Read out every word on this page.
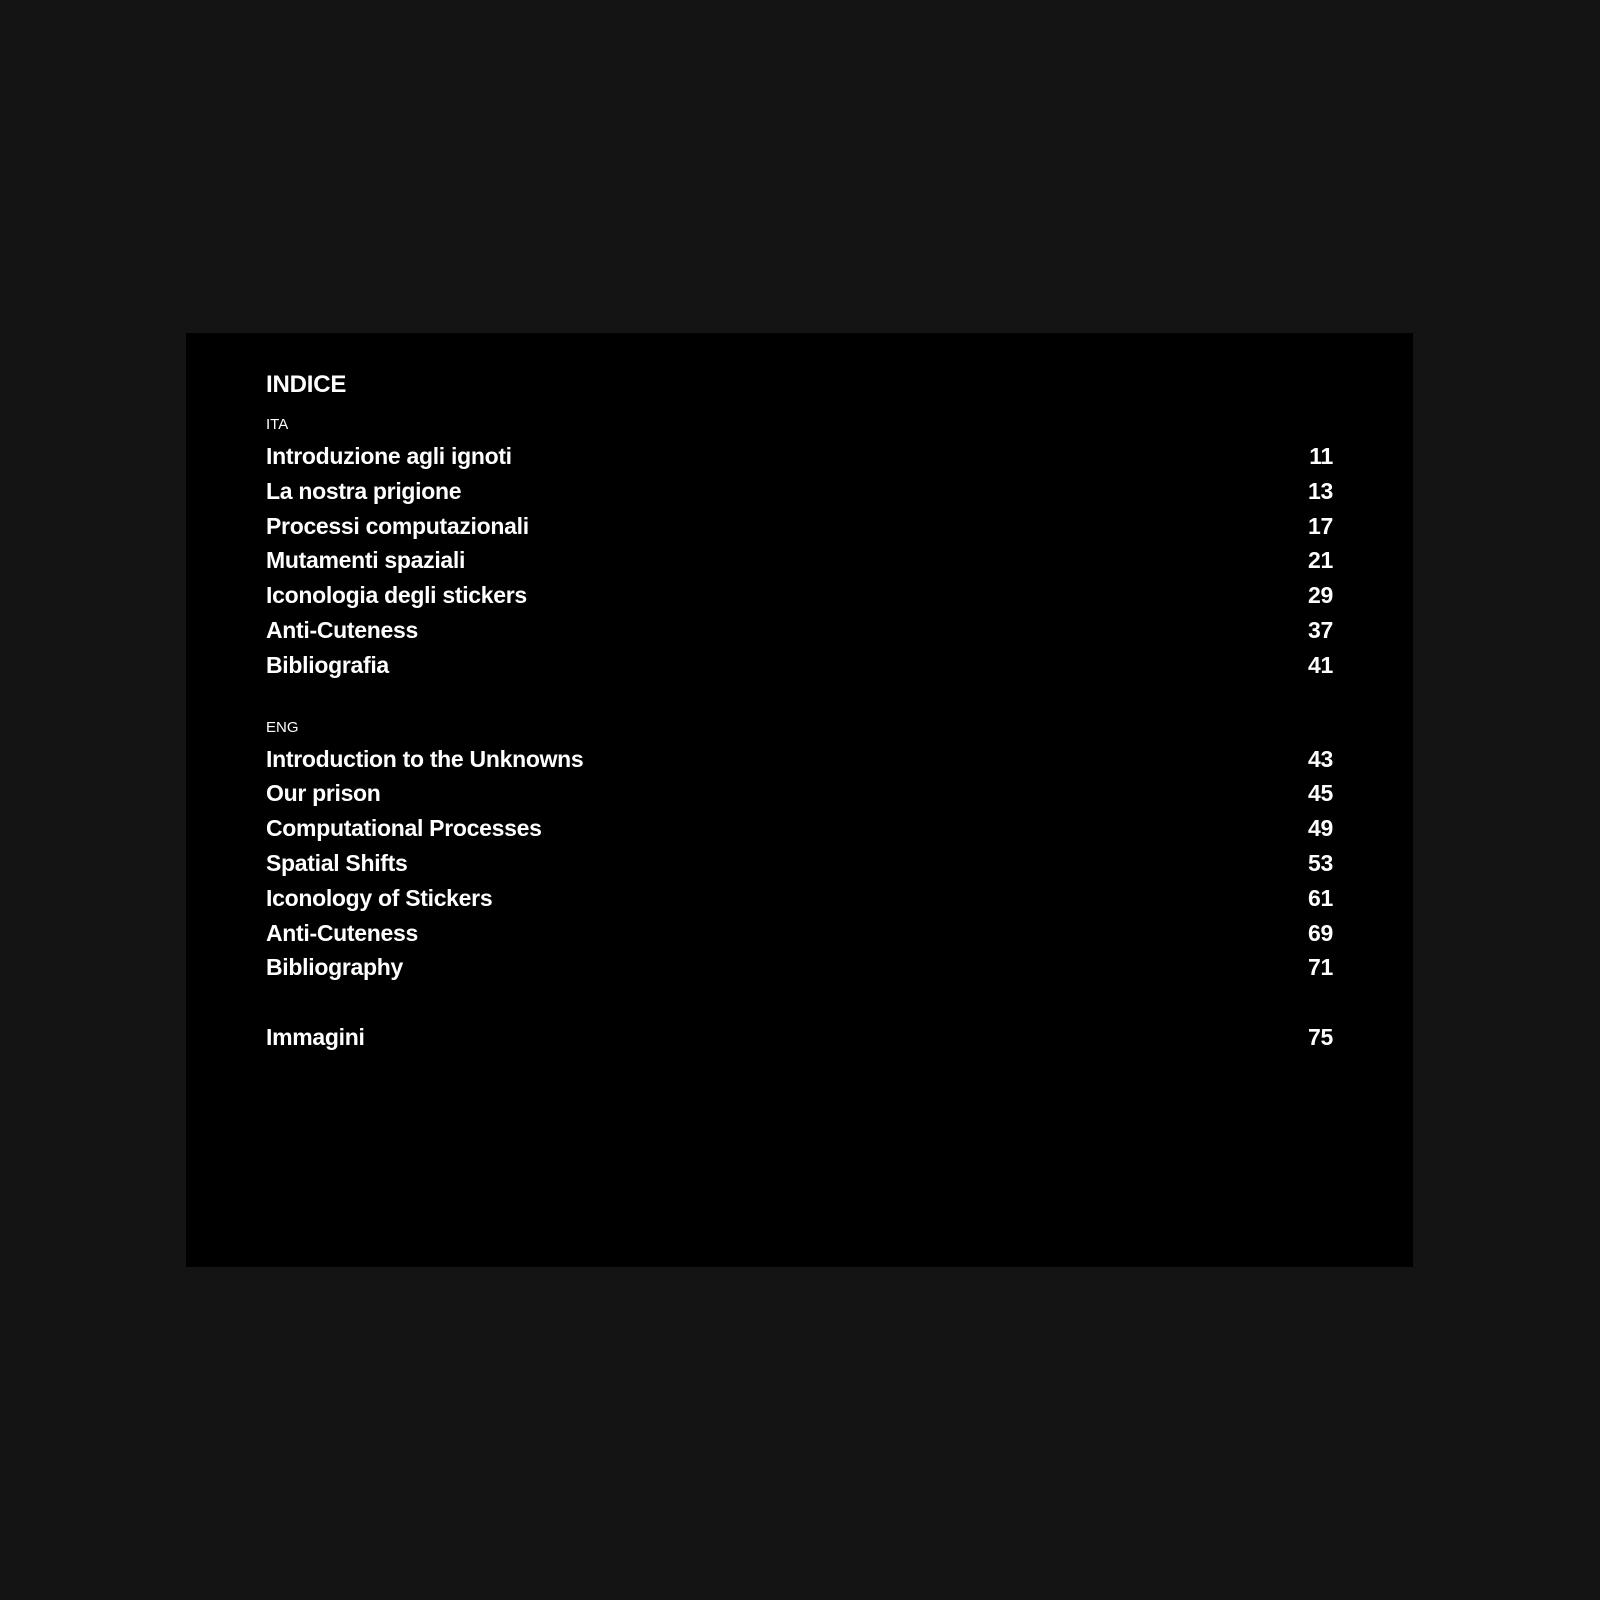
INDICE
ITA
Introduzione agli ignoti	11
La nostra prigione	13
Processi computazionali	17
Mutamenti spaziali	21
Iconologia degli stickers	29
Anti-Cuteness	37
Bibliografia	41
ENG
Introduction to the Unknowns	43
Our prison	45
Computational Processes	49
Spatial Shifts	53
Iconology of Stickers	61
Anti-Cuteness	69
Bibliography	71
Immagini	75
